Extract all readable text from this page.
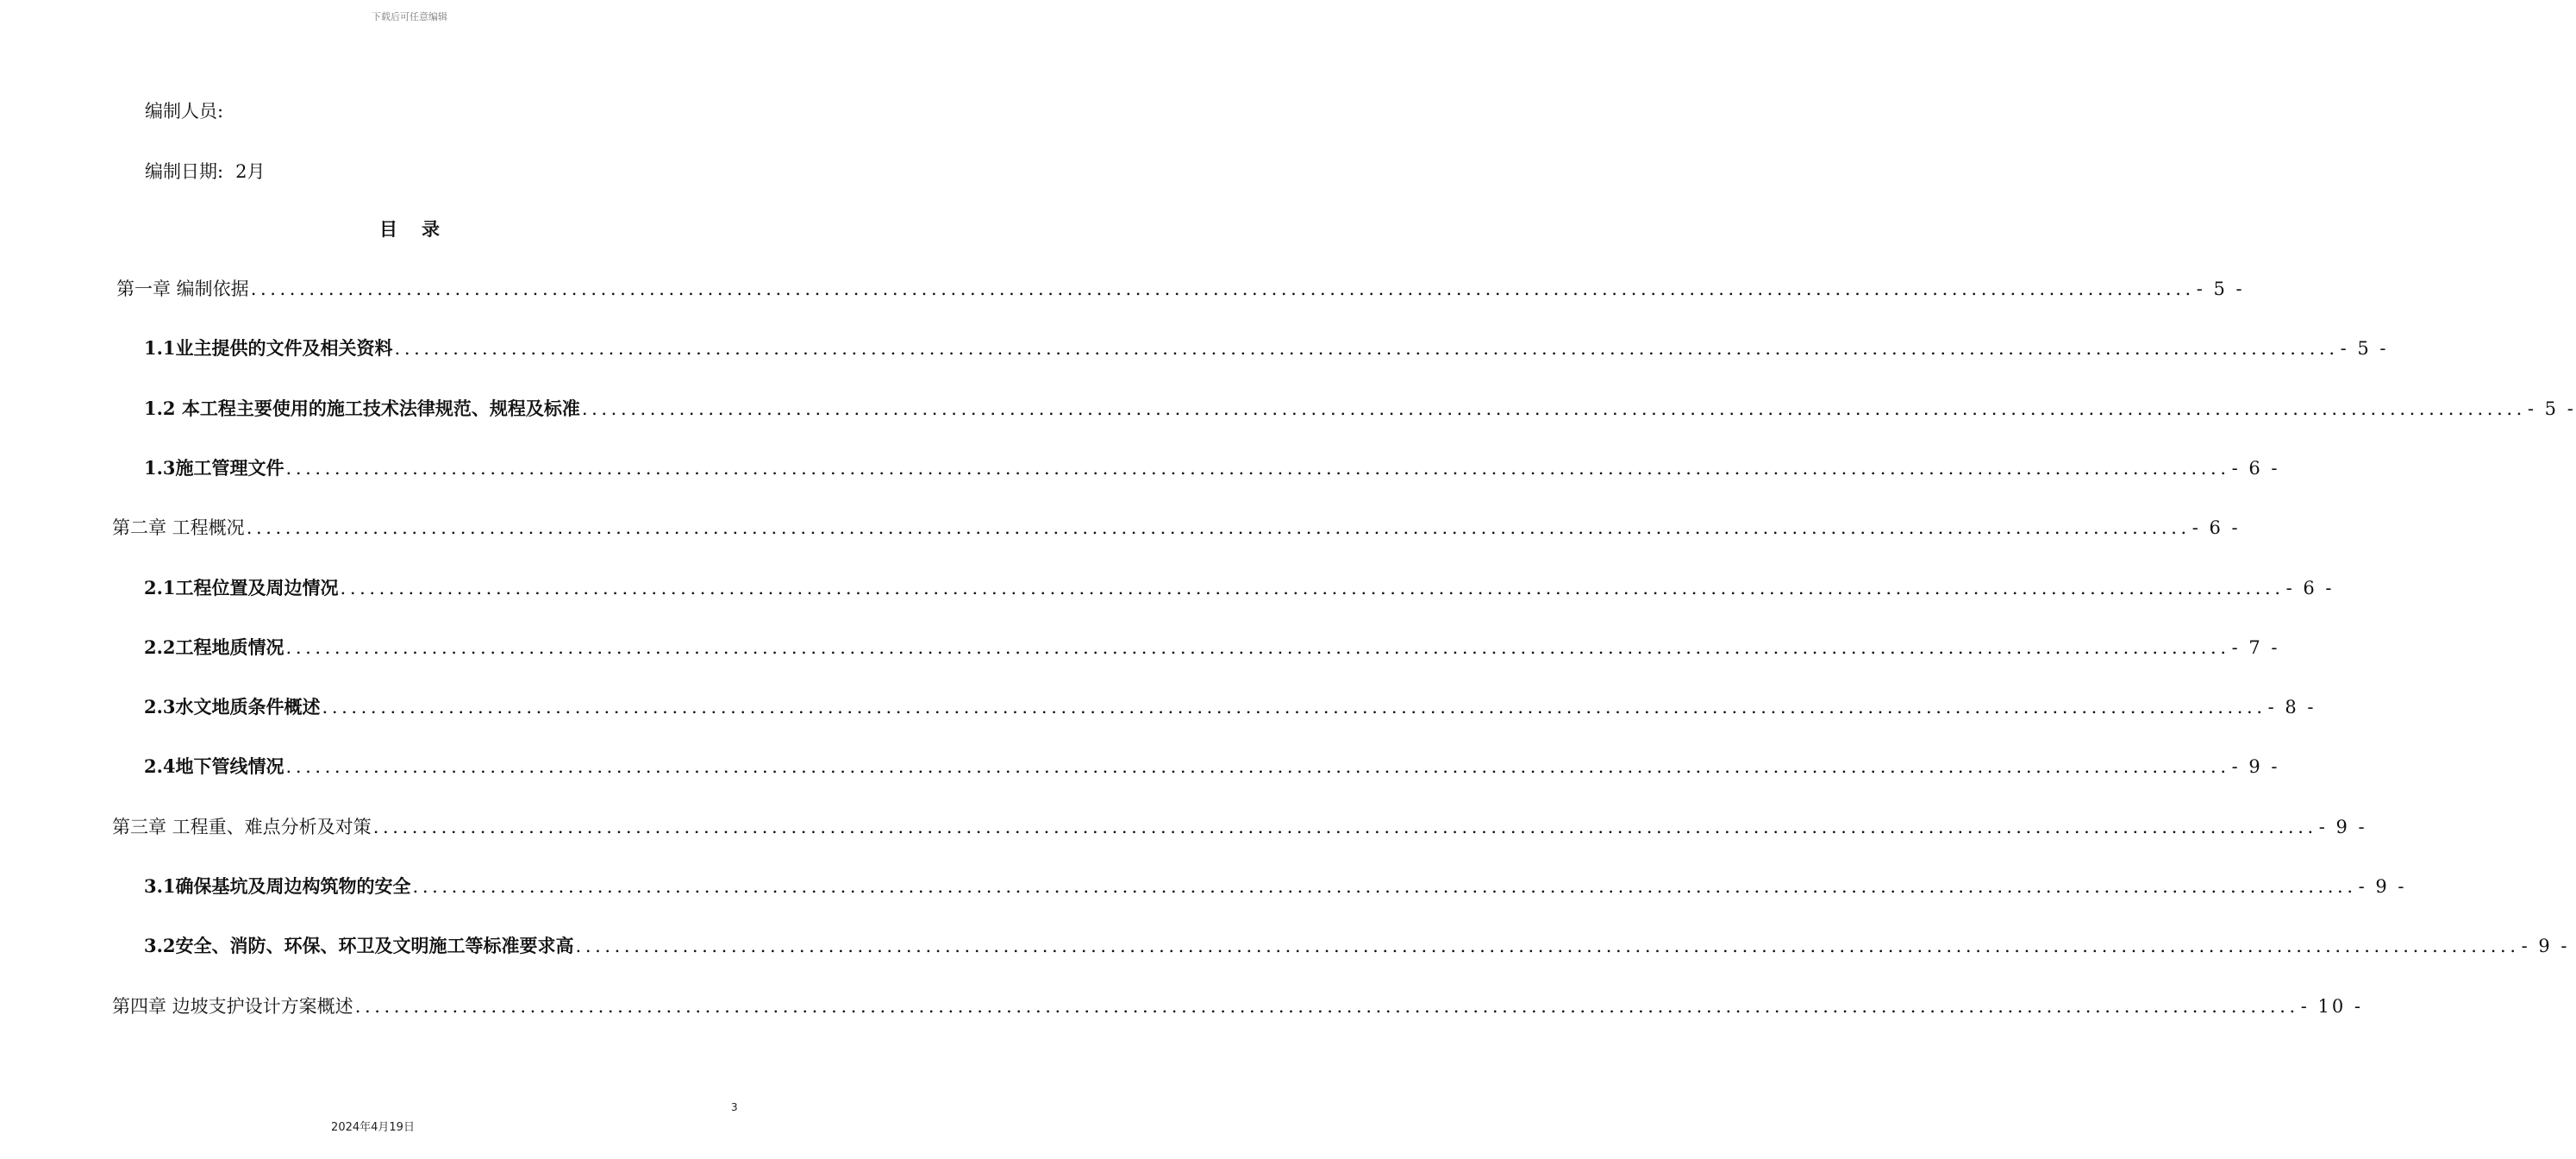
下载后可任意编辑
编制人员:
编制日期: 2月
目录
第一章 编制依据 ........................................................................................................................................................................................................ - 5 -
1.1业主提供的文件及相关资料 ........................................................................................................................................................................................................ - 5 -
1.2 本工程主要使用的施工技术法律规范、规程及标准 ........................................................................................................................................................................................................ - 5 -
1.3施工管理文件 ........................................................................................................................................................................................................ - 6 -
第二章 工程概况 ........................................................................................................................................................................................................ - 6 -
2.1工程位置及周边情况 ........................................................................................................................................................................................................ - 6 -
2.2工程地质情况 ........................................................................................................................................................................................................ - 7 -
2.3水文地质条件概述 ........................................................................................................................................................................................................ - 8 -
2.4地下管线情况 ........................................................................................................................................................................................................ - 9 -
第三章 工程重、难点分析及对策 ........................................................................................................................................................................................................ - 9 -
3.1确保基坑及周边构筑物的安全 ........................................................................................................................................................................................................ - 9 -
3.2安全、消防、环保、环卫及文明施工等标准要求高 ........................................................................................................................................................................................................ - 9 -
第四章 边坡支护设计方案概述 ........................................................................................................................................................................................................ - 10 -
3
2024年4月19日
